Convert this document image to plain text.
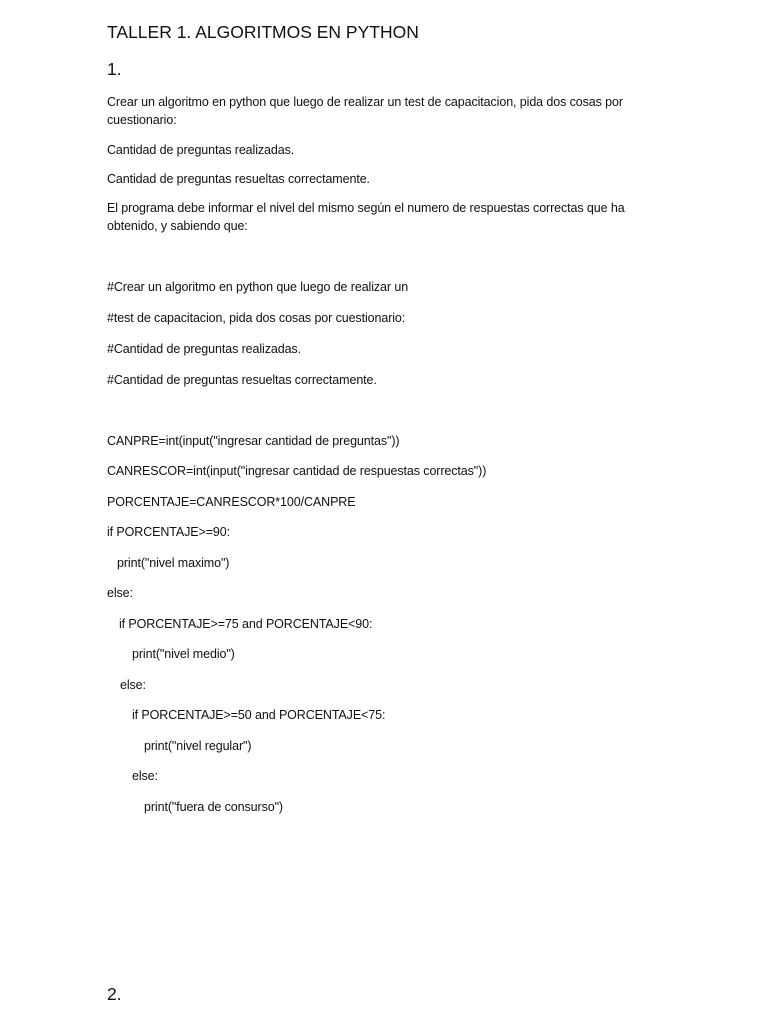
TALLER 1. ALGORITMOS EN PYTHON
1.
Crear un algoritmo en python que luego de realizar un test de capacitacion, pida dos cosas por
cuestionario:
Cantidad de preguntas realizadas.
Cantidad de preguntas resueltas correctamente.
El programa debe informar el nivel del mismo según el numero de respuestas correctas que ha
obtenido, y sabiendo que:
#Crear un algoritmo en python que luego de realizar un
#test de capacitacion, pida dos cosas por cuestionario:
#Cantidad de preguntas realizadas.
#Cantidad de preguntas resueltas correctamente.
CANPRE=int(input("ingresar cantidad de preguntas"))
CANRESCOR=int(input("ingresar cantidad de respuestas correctas"))
PORCENTAJE=CANRESCOR*100/CANPRE
if PORCENTAJE>=90:
print("nivel maximo")
else:
if PORCENTAJE>=75 and PORCENTAJE<90:
print("nivel medio")
else:
if PORCENTAJE>=50 and PORCENTAJE<75:
print("nivel regular")
else:
print("fuera de consurso")
2.
